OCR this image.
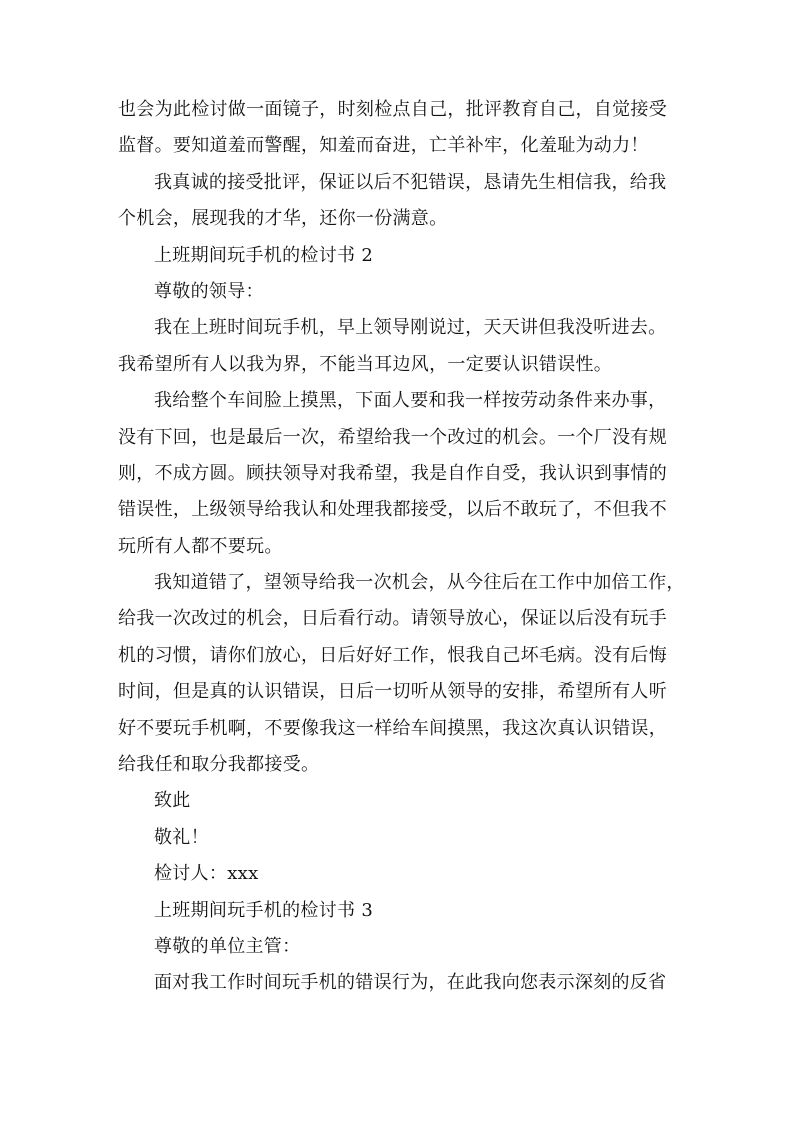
也会为此检讨做一面镜子，时刻检点自己，批评教育自己，自觉接受
监督。要知道羞而警醒，知羞而奋进，亡羊补牢，化羞耻为动力！
我真诚的接受批评，保证以后不犯错误，恳请先生相信我，给我
个机会，展现我的才华，还你一份满意。
上班期间玩手机的检讨书 2
尊敬的领导：
我在上班时间玩手机，早上领导刚说过，天天讲但我没听进去。
我希望所有人以我为界，不能当耳边风，一定要认识错误性。
我给整个车间脸上摸黑，下面人要和我一样按劳动条件来办事，
没有下回，也是最后一次，希望给我一个改过的机会。一个厂没有规
则，不成方圆。顾扶领导对我希望，我是自作自受，我认识到事情的
错误性，上级领导给我认和处理我都接受，以后不敢玩了，不但我不
玩所有人都不要玩。
我知道错了，望领导给我一次机会，从今往后在工作中加倍工作，
给我一次改过的机会，日后看行动。请领导放心，保证以后没有玩手
机的习惯，请你们放心，日后好好工作，恨我自己坏毛病。没有后悔
时间，但是真的认识错误，日后一切听从领导的安排，希望所有人听
好不要玩手机啊，不要像我这一样给车间摸黑，我这次真认识错误，
给我任和取分我都接受。
致此
敬礼！
检讨人：xxx
上班期间玩手机的检讨书 3
尊敬的单位主管：
面对我工作时间玩手机的错误行为，在此我向您表示深刻的反省
